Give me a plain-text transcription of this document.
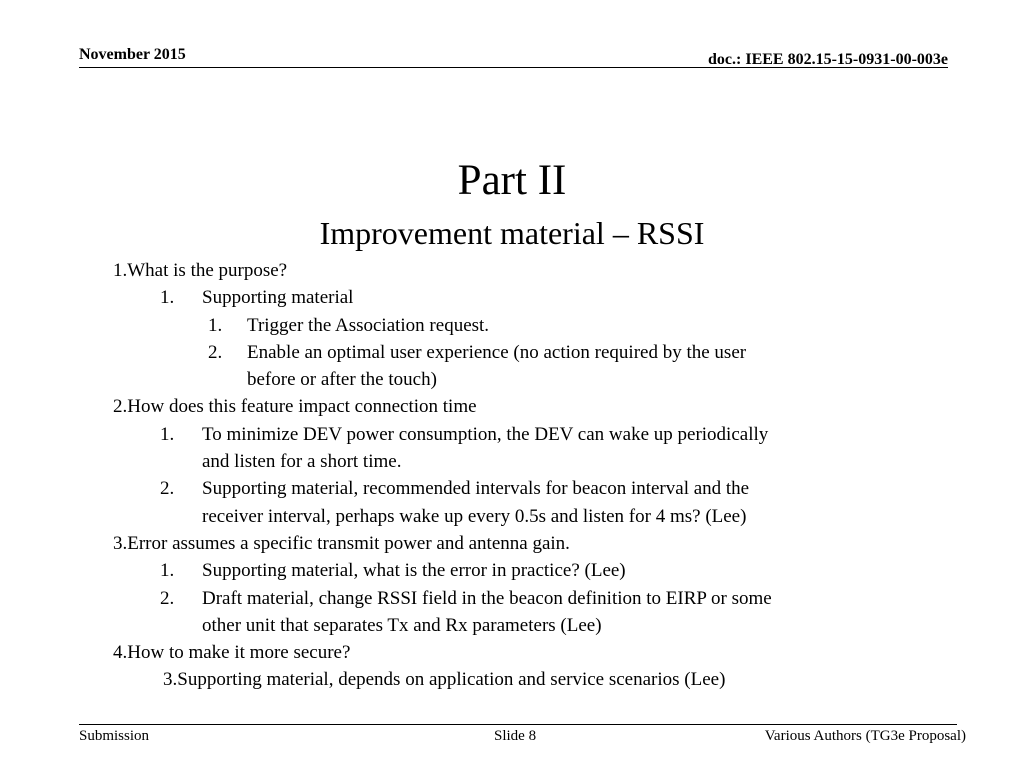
November 2015	doc.: IEEE 802.15-15-0931-00-003e
Part II
Improvement material – RSSI
1.What is the purpose?
1. Supporting material
1. Trigger the Association request.
2. Enable an optimal user experience (no action required by the user
before or after the touch)
2.How does this feature impact connection time
1. To minimize DEV power consumption, the DEV can wake up periodically
and listen for a short time.
2. Supporting material, recommended intervals for beacon interval and the
receiver interval, perhaps wake up every 0.5s and listen for 4 ms? (Lee)
3.Error assumes a specific transmit power and antenna gain.
1. Supporting material, what is the error in practice? (Lee)
2. Draft material, change RSSI field in the beacon definition to EIRP or some
other unit that separates Tx and Rx parameters (Lee)
4.How to make it more secure?
3.Supporting material, depends on application and service scenarios (Lee)
Submission	Slide 8	Various Authors (TG3e Proposal)
